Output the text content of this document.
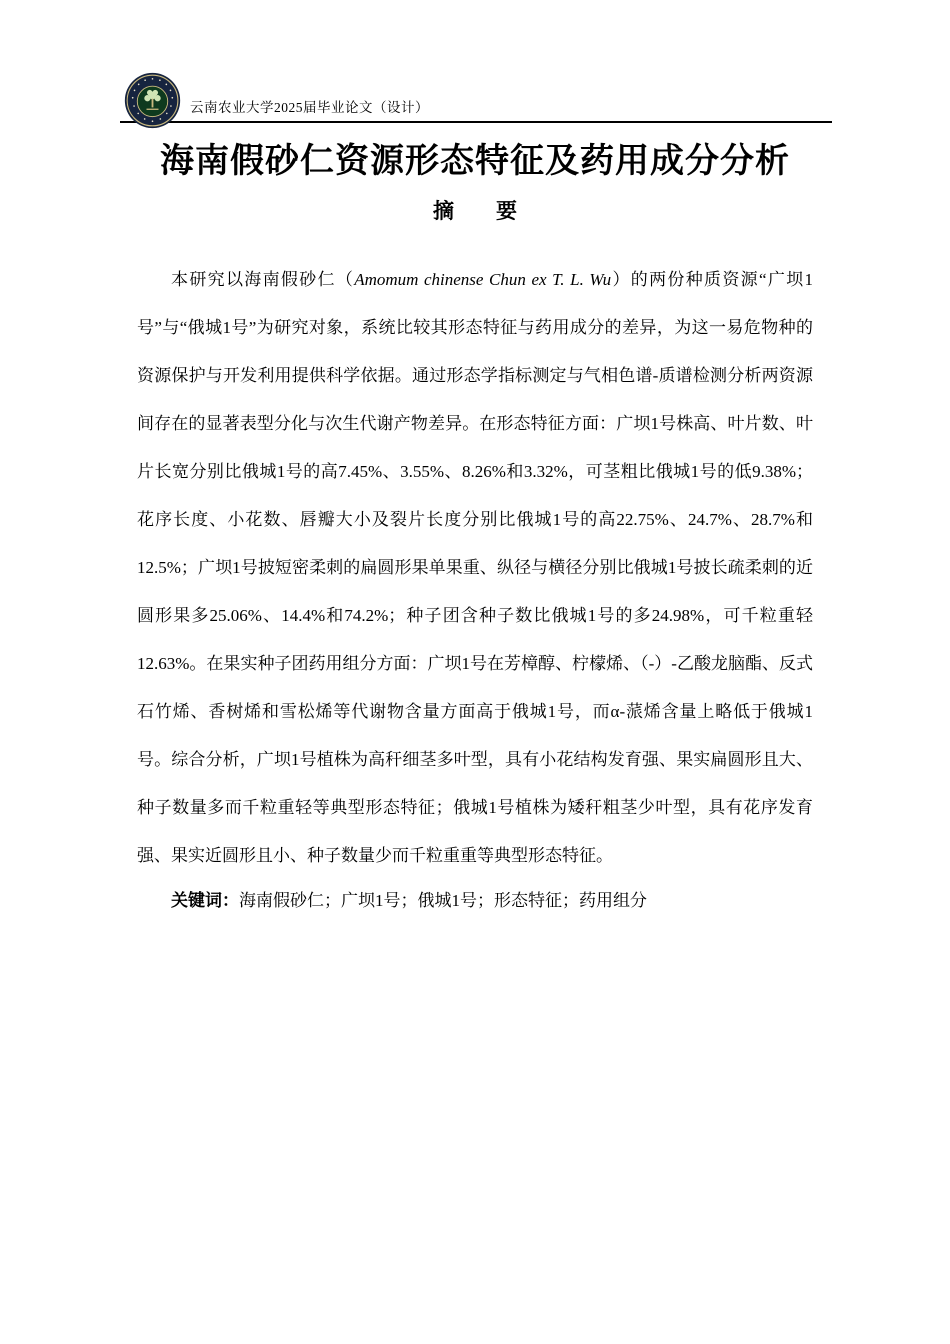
云南农业大学2025届毕业论文（设计）
海南假砂仁资源形态特征及药用成分分析
摘　　要

本研究以海南假砂仁（Amomum chinense Chun ex T. L. Wu）的两份种质资源“广坝1号”与“俄城1号”为研究对象，系统比较其形态特征与药用成分的差异，为这一易危物种的资源保护与开发利用提供科学依据。通过形态学指标测定与气相色谱-质谱检测分析两资源间存在的显著表型分化与次生代谢产物差异。在形态特征方面：广坝1号株高、叶片数、叶片长宽分别比俄城1号的高7.45%、3.55%、8.26%和3.32%，可茎粗比俄城1号的低9.38%；花序长度、小花数、唇瓣大小及裂片长度分别比俄城1号的高22.75%、24.7%、28.7%和12.5%；广坝1号披短密柔刺的扁圆形果单果重、纵径与横径分别比俄城1号披长疏柔刺的近圆形果多25.06%、14.4%和74.2%；种子团含种子数比俄城1号的多24.98%，可千粒重轻12.63%。在果实种子团药用组分方面：广坝1号在芳樟醇、柠檬烯、（-）-乙酸龙脑酯、反式石竹烯、香树烯和雪松烯等代谢物含量方面高于俄城1号，而α-蒎烯含量上略低于俄城1号。综合分析，广坝1号植株为高秆细茎多叶型，具有小花结构发育强、果实扁圆形且大、种子数量多而千粒重轻等典型形态特征；俄城1号植株为矮秆粗茎少叶型，具有花序发育强、果实近圆形且小、种子数量少而千粒重重等典型形态特征。

关键词：海南假砂仁；广坝1号；俄城1号；形态特征；药用组分
